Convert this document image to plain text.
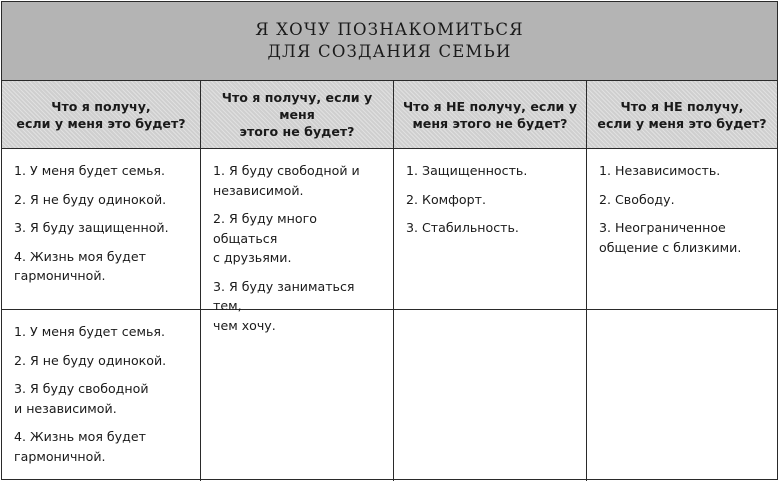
Я ХОЧУ ПОЗНАКОМИТЬСЯ
ДЛЯ СОЗДАНИЯ СЕМЬИ
Что я получу,
если у меня это будет?
Что я получу, если у меня
этого не будет?
Что я НЕ получу, если у
меня этого не будет?
Что я НЕ получу,
если у меня это будет?
1. У меня будет семья.
2. Я не буду одинокой.
3. Я буду защищенной.
4. Жизнь моя будет
гармоничной.
1. Я буду свободной и
независимой.
2. Я буду много общаться
с друзьями.
3. Я буду заниматься тем,
чем хочу.
1. Защищенность.
2. Комфорт.
3. Стабильность.
1. Независимость.
2. Свободу.
3. Неограниченное
общение с близкими.
1. У меня будет семья.
2. Я не буду одинокой.
3. Я буду свободной
и независимой.
4. Жизнь моя будет
гармоничной.
